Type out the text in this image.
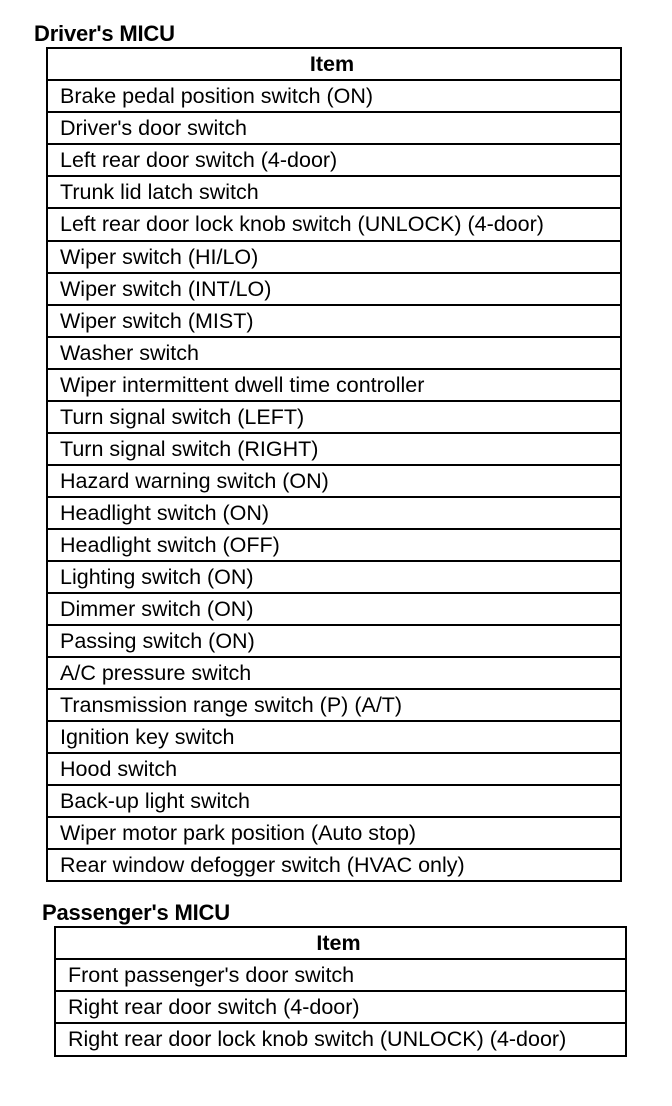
Driver's MICU
Item
Brake pedal position switch (ON)
Driver's door switch
Left rear door switch (4-door)
Trunk lid latch switch
Left rear door lock knob switch (UNLOCK) (4-door)
Wiper switch (HI/LO)
Wiper switch (INT/LO)
Wiper switch (MIST)
Washer switch
Wiper intermittent dwell time controller
Turn signal switch (LEFT)
Turn signal switch (RIGHT)
Hazard warning switch (ON)
Headlight switch (ON)
Headlight switch (OFF)
Lighting switch (ON)
Dimmer switch (ON)
Passing switch (ON)
A/C pressure switch
Transmission range switch (P) (A/T)
Ignition key switch
Hood switch
Back-up light switch
Wiper motor park position (Auto stop)
Rear window defogger switch (HVAC only)
Passenger's MICU
Item
Front passenger's door switch
Right rear door switch (4-door)
Right rear door lock knob switch (UNLOCK) (4-door)
